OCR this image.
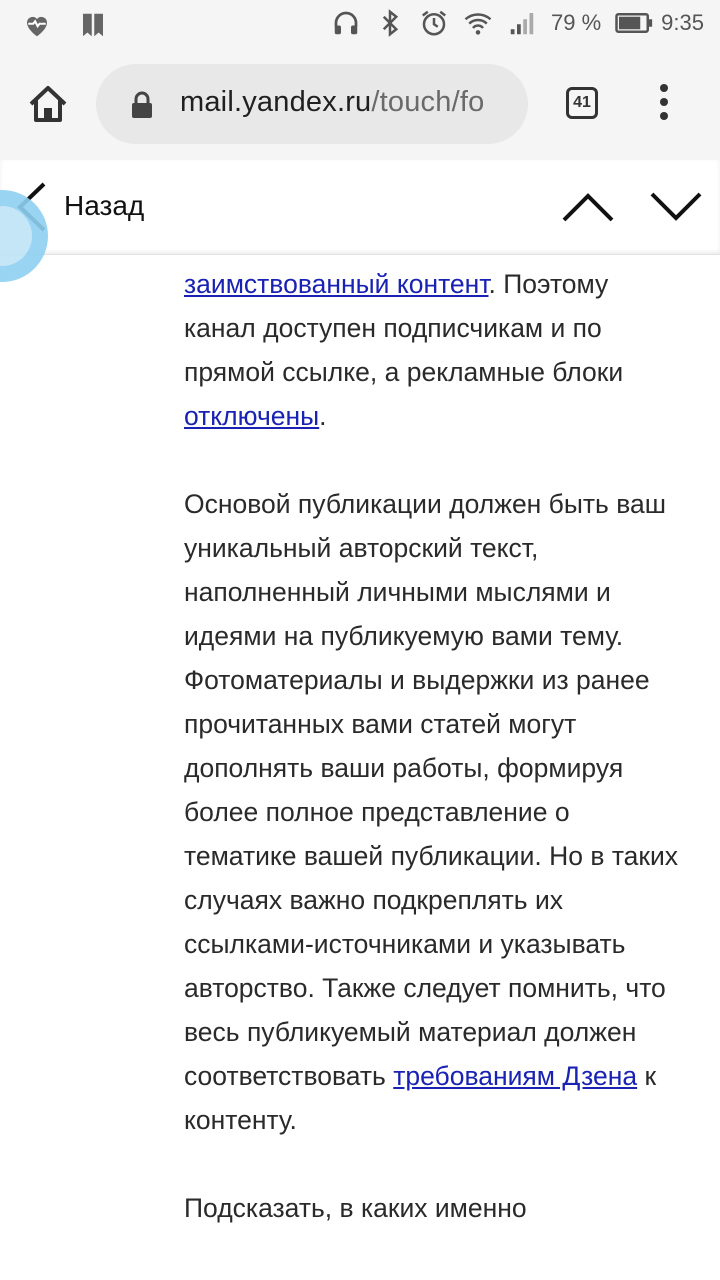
79 %	9:35
mail.yandex.ru/touch/fo	41
Назад

заимствованный контент. Поэтому канал доступен подписчикам и по прямой ссылке, а рекламные блоки отключены.

Основой публикации должен быть ваш уникальный авторский текст, наполненный личными мыслями и идеями на публикуемую вами тему. Фотоматериалы и выдержки из ранее прочитанных вами статей могут дополнять ваши работы, формируя более полное представление о тематике вашей публикации. Но в таких случаях важно подкреплять их ссылками-источниками и указывать авторство. Также следует помнить, что весь публикуемый материал должен соответствовать требованиям Дзена к контенту.

Подсказать, в каких именно
